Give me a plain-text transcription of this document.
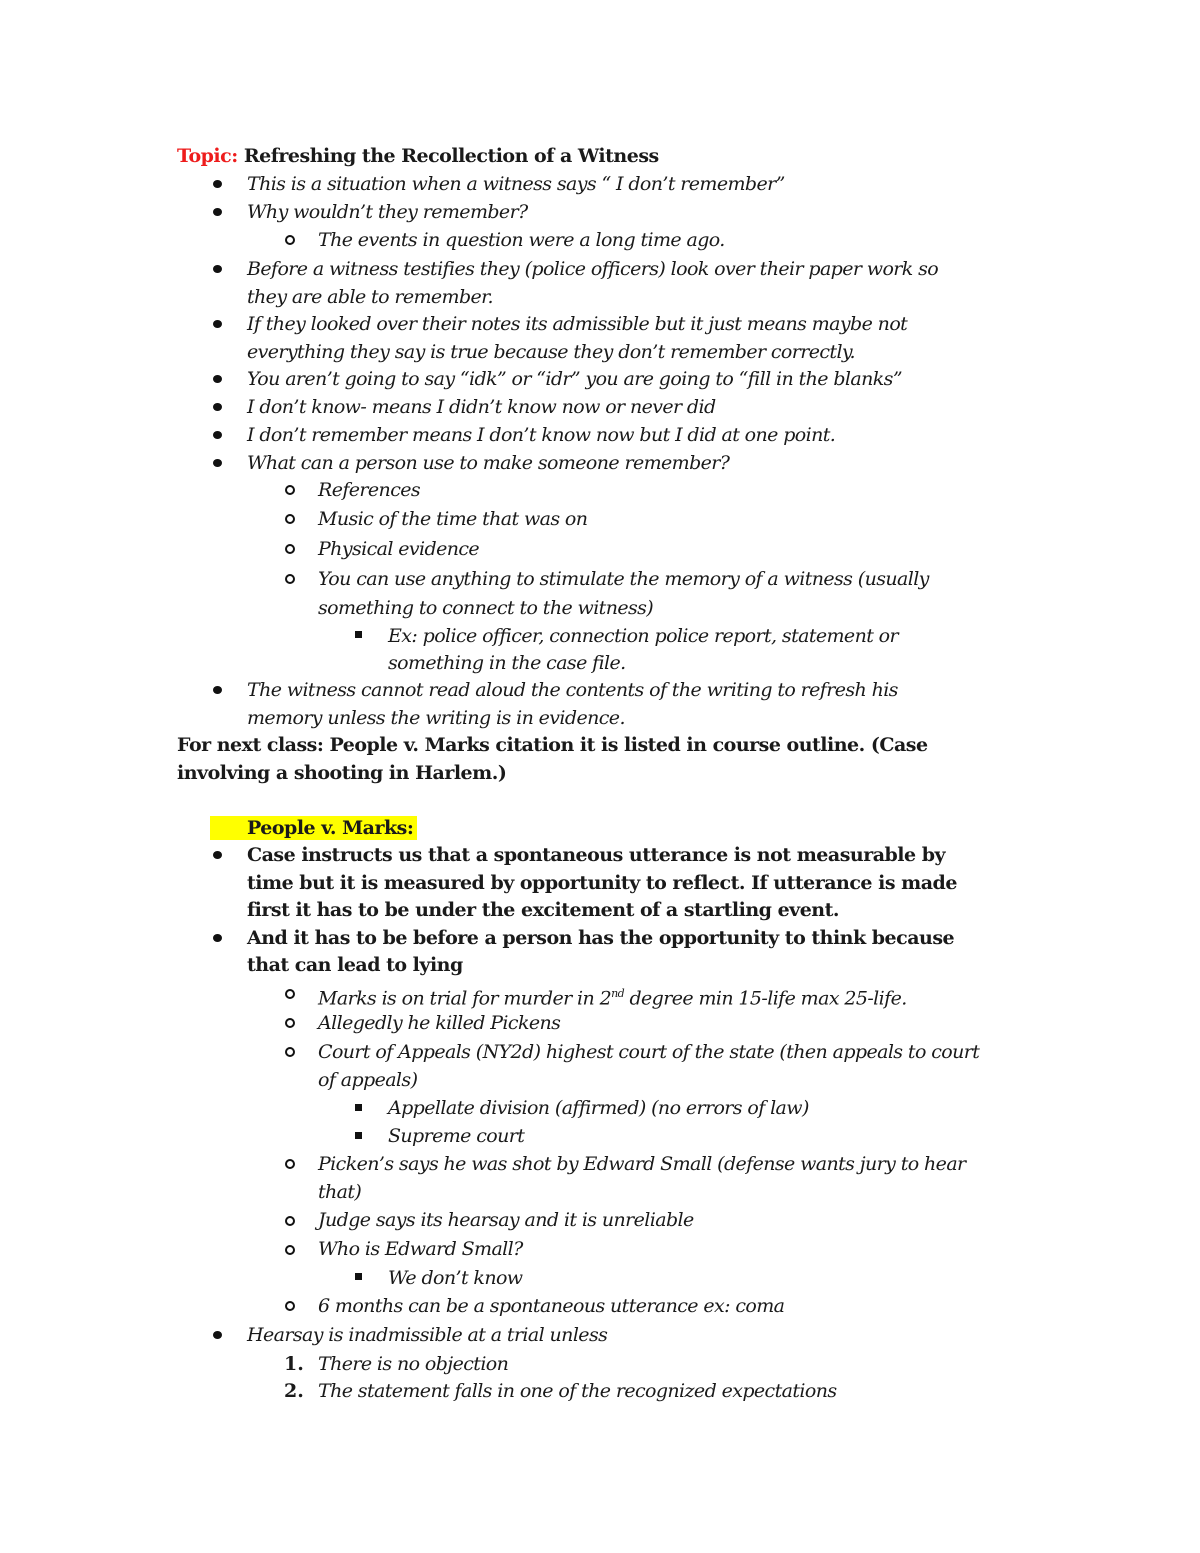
Topic: Refreshing the Recollection of a Witness
This is a situation when a witness says “ I don’t remember”
Why wouldn’t they remember?
The events in question were a long time ago.
Before a witness testifies they (police officers) look over their paper work so
they are able to remember.
If they looked over their notes its admissible but it just means maybe not
everything they say is true because they don’t remember correctly.
You aren’t going to say “idk” or “idr” you are going to “fill in the blanks”
I don’t know- means I didn’t know now or never did
I don’t remember means I don’t know now but I did at one point.
What can a person use to make someone remember?
References
Music of the time that was on
Physical evidence
You can use anything to stimulate the memory of a witness (usually
something to connect to the witness)
Ex: police officer, connection police report, statement or
something in the case file.
The witness cannot read aloud the contents of the writing to refresh his
memory unless the writing is in evidence.
For next class: People v. Marks citation it is listed in course outline. (Case
involving a shooting in Harlem.)
People v. Marks:
Case instructs us that a spontaneous utterance is not measurable by
time but it is measured by opportunity to reflect. If utterance is made
first it has to be under the excitement of a startling event.
And it has to be before a person has the opportunity to think because
that can lead to lying
Marks is on trial for murder in 2nd degree min 15-life max 25-life.
Allegedly he killed Pickens
Court of Appeals (NY2d) highest court of the state (then appeals to court
of appeals)
Appellate division (affirmed) (no errors of law)
Supreme court
Picken’s says he was shot by Edward Small (defense wants jury to hear
that)
Judge says its hearsay and it is unreliable
Who is Edward Small?
We don’t know
6 months can be a spontaneous utterance ex: coma
Hearsay is inadmissible at a trial unless
1. There is no objection
2. The statement falls in one of the recognized expectations
